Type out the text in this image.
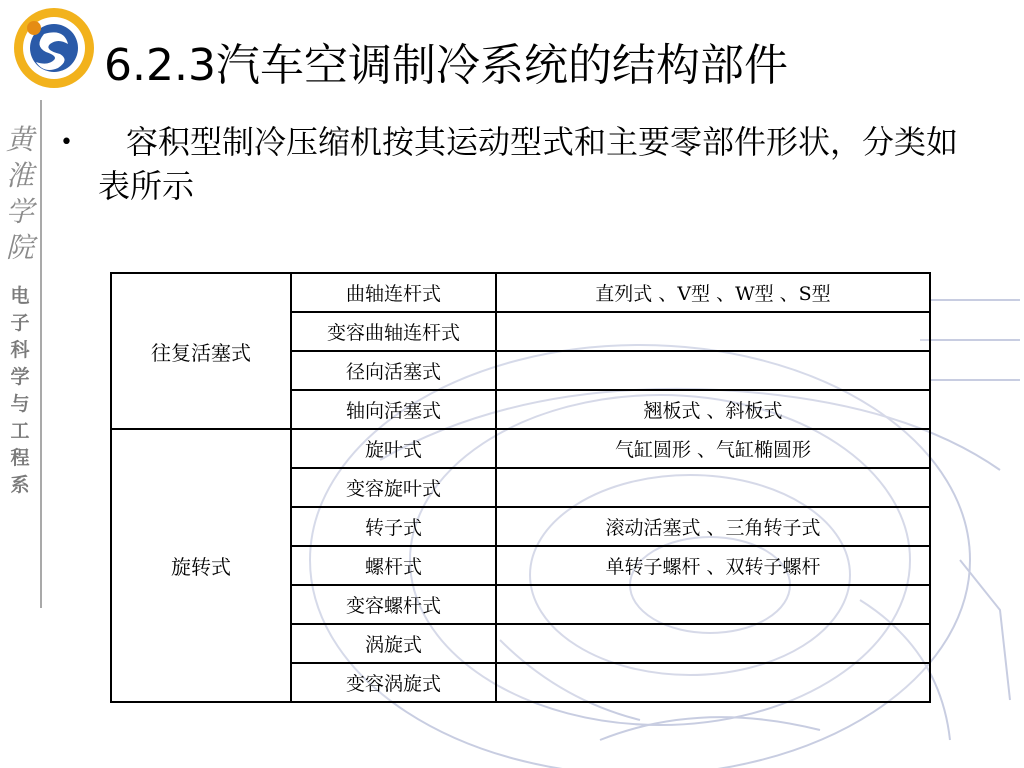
6.2.3汽车空调制冷系统的结构部件
黄
淮
学
院
电
子
科
学
与
工
程
系
•	容积型制冷压缩机按其运动型式和主要零部件形状，分类如表所示
往复活塞式	曲轴连杆式	直列式 、V型 、W型 、S型
	变容曲轴连杆式	
	径向活塞式	
	轴向活塞式	翘板式 、斜板式
旋转式	旋叶式	气缸圆形 、气缸椭圆形
	变容旋叶式	
	转子式	滚动活塞式 、三角转子式
	螺杆式	单转子螺杆 、双转子螺杆
	变容螺杆式	
	涡旋式	
	变容涡旋式	
